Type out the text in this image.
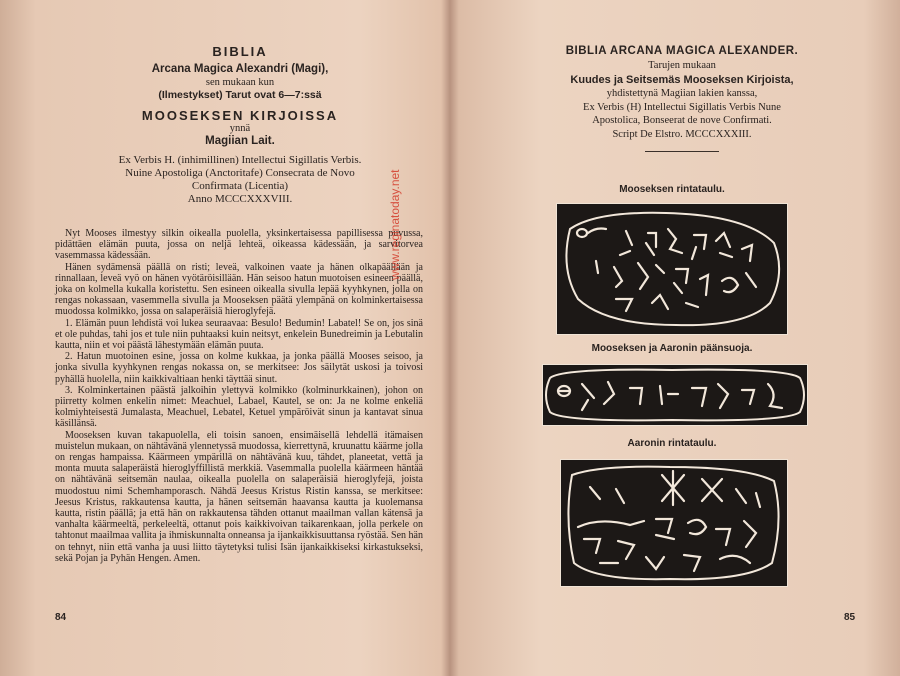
BIBLIA
Arcana Magica Alexandri (Magi),
sen mukaan kun
(Ilmestykset) Tarut ovat 6—7:ssä
MOOSEKSEN KIRJOISSA
ynnä
Magiian Lait.
Ex Verbis H. (inhimillinen) Intellectui Sigillatis Verbis.
Nuine Apostoliga (Anctoritafe) Consecrata de Novo
Confirmata (Licentia)
Anno MCCCXXXVIII.

Nyt Mooses ilmestyy silkin oikealla puolella, yksinkertaisessa papillisessa puvussa, pidättäen elämän puuta, jossa on neljä lehteä, oikeassa kädessään, ja sarvitorvea vasemmassa kädessään.

Hänen sydämensä päällä on risti; leveä, valkoinen vaate ja hänen olkapäällään ja rinnallaan, leveä vyö on hänen vyötäröisillään. Hän seisoo hatun muotoisen esineen päällä, joka on kolmella kukalla koristettu. Sen esineen oikealla sivulla lepää kyyhkynen, jolla on rengas nokassaan, vasemmella sivulla ja Mooseksen päätä ylempänä on kolminkertaisessa muodossa kolmikko, jossa on salaperäisiä hieroglyfejä.

1. Elämän puun lehdistä voi lukea seuraavaa: Besulo! Bedumin! Labatel! Se on, jos sinä et ole puhdas, tahi jos et tule niin puhtaaksi kuin neitsyt, enkelein Bunedreimin ja Lebutalin kautta, niin et voi päästä lähestymään elämän puuta.

2. Hatun muotoinen esine, jossa on kolme kukkaa, ja jonka päällä Mooses seisoo, ja jonka sivulla kyyhkynen rengas nokassa on, se merkitsee: Jos säilytät uskosi ja toivosi pyhällä huolella, niin kaikkivaltiaan henki täyttää sinut.

3. Kolminkertainen päästä jalkoihin ylettyvä kolmikko (kolminurkkainen), johon on piirretty kolmen enkelin nimet: Meachuel, Labael, Kautel, se on: Ja ne kolme enkeliä kolmiyhteisestä Jumalasta, Meachuel, Lebatel, Ketuel ympäröivät sinun ja kantavat sinua käsillänsä.

Mooseksen kuvan takapuolella, eli toisin sanoen, ensimäisellä lehdellä itämaisen muistelun mukaan, on nähtävänä ylennetyssä muodossa, kierrettynä, kruunattu käärme jolla on rengas hampaissa. Käärmeen ympärillä on nähtävänä kuu, tähdet, planeetat, vettä ja monta muuta salaperäistä hieroglyffillistä merkkiä. Vasemmalla puolella käärmeen häntää on nähtävänä seitsemän naulaa, oikealla puolella on salaperäisiä hieroglyfejä, joista muodostuu nimi Schemhamporasch. Nähdä Jeesus Kristus Ristin kanssa, se merkitsee: Jeesus Kristus, rakkautensa kautta, ja hänen seitsemän haavansa kautta ja kuolemansa kautta, ristin päällä; ja että hän on rakkautensa tähden ottanut maailman vallan kätensä ja vanhalta käärmeeltä, perkeleeltä, ottanut pois kaikkivoivan taikarenkaan, jolla perkele on tahtonut maailmaa vallita ja ihmiskunnalta onneansa ja ijankaikkisuuttansa ryöstää. Sen hän on tehnyt, niin että vanha ja uusi liitto täytetyksi tulisi Isän ijankaikkiseksi kirkastukseksi, sekä Pojan ja Pyhän Hengen. Amen.

www.reginatoday.net
84
BIBLIA ARCANA MAGICA ALEXANDER.
Tarujen mukaan
Kuudes ja Seitsemäs Mooseksen Kirjoista,
yhdistettynä Magiian lakien kanssa,
Ex Verbis (H) Intellectui Sigillatis Verbis Nune
Apostolica, Bonseerat de nove Confirmati.
Script De Elstro. MCCCXXXIII.
Mooseksen rintataulu.
Mooseksen ja Aaronin päänsuoja.
Aaronin rintataulu.
85
